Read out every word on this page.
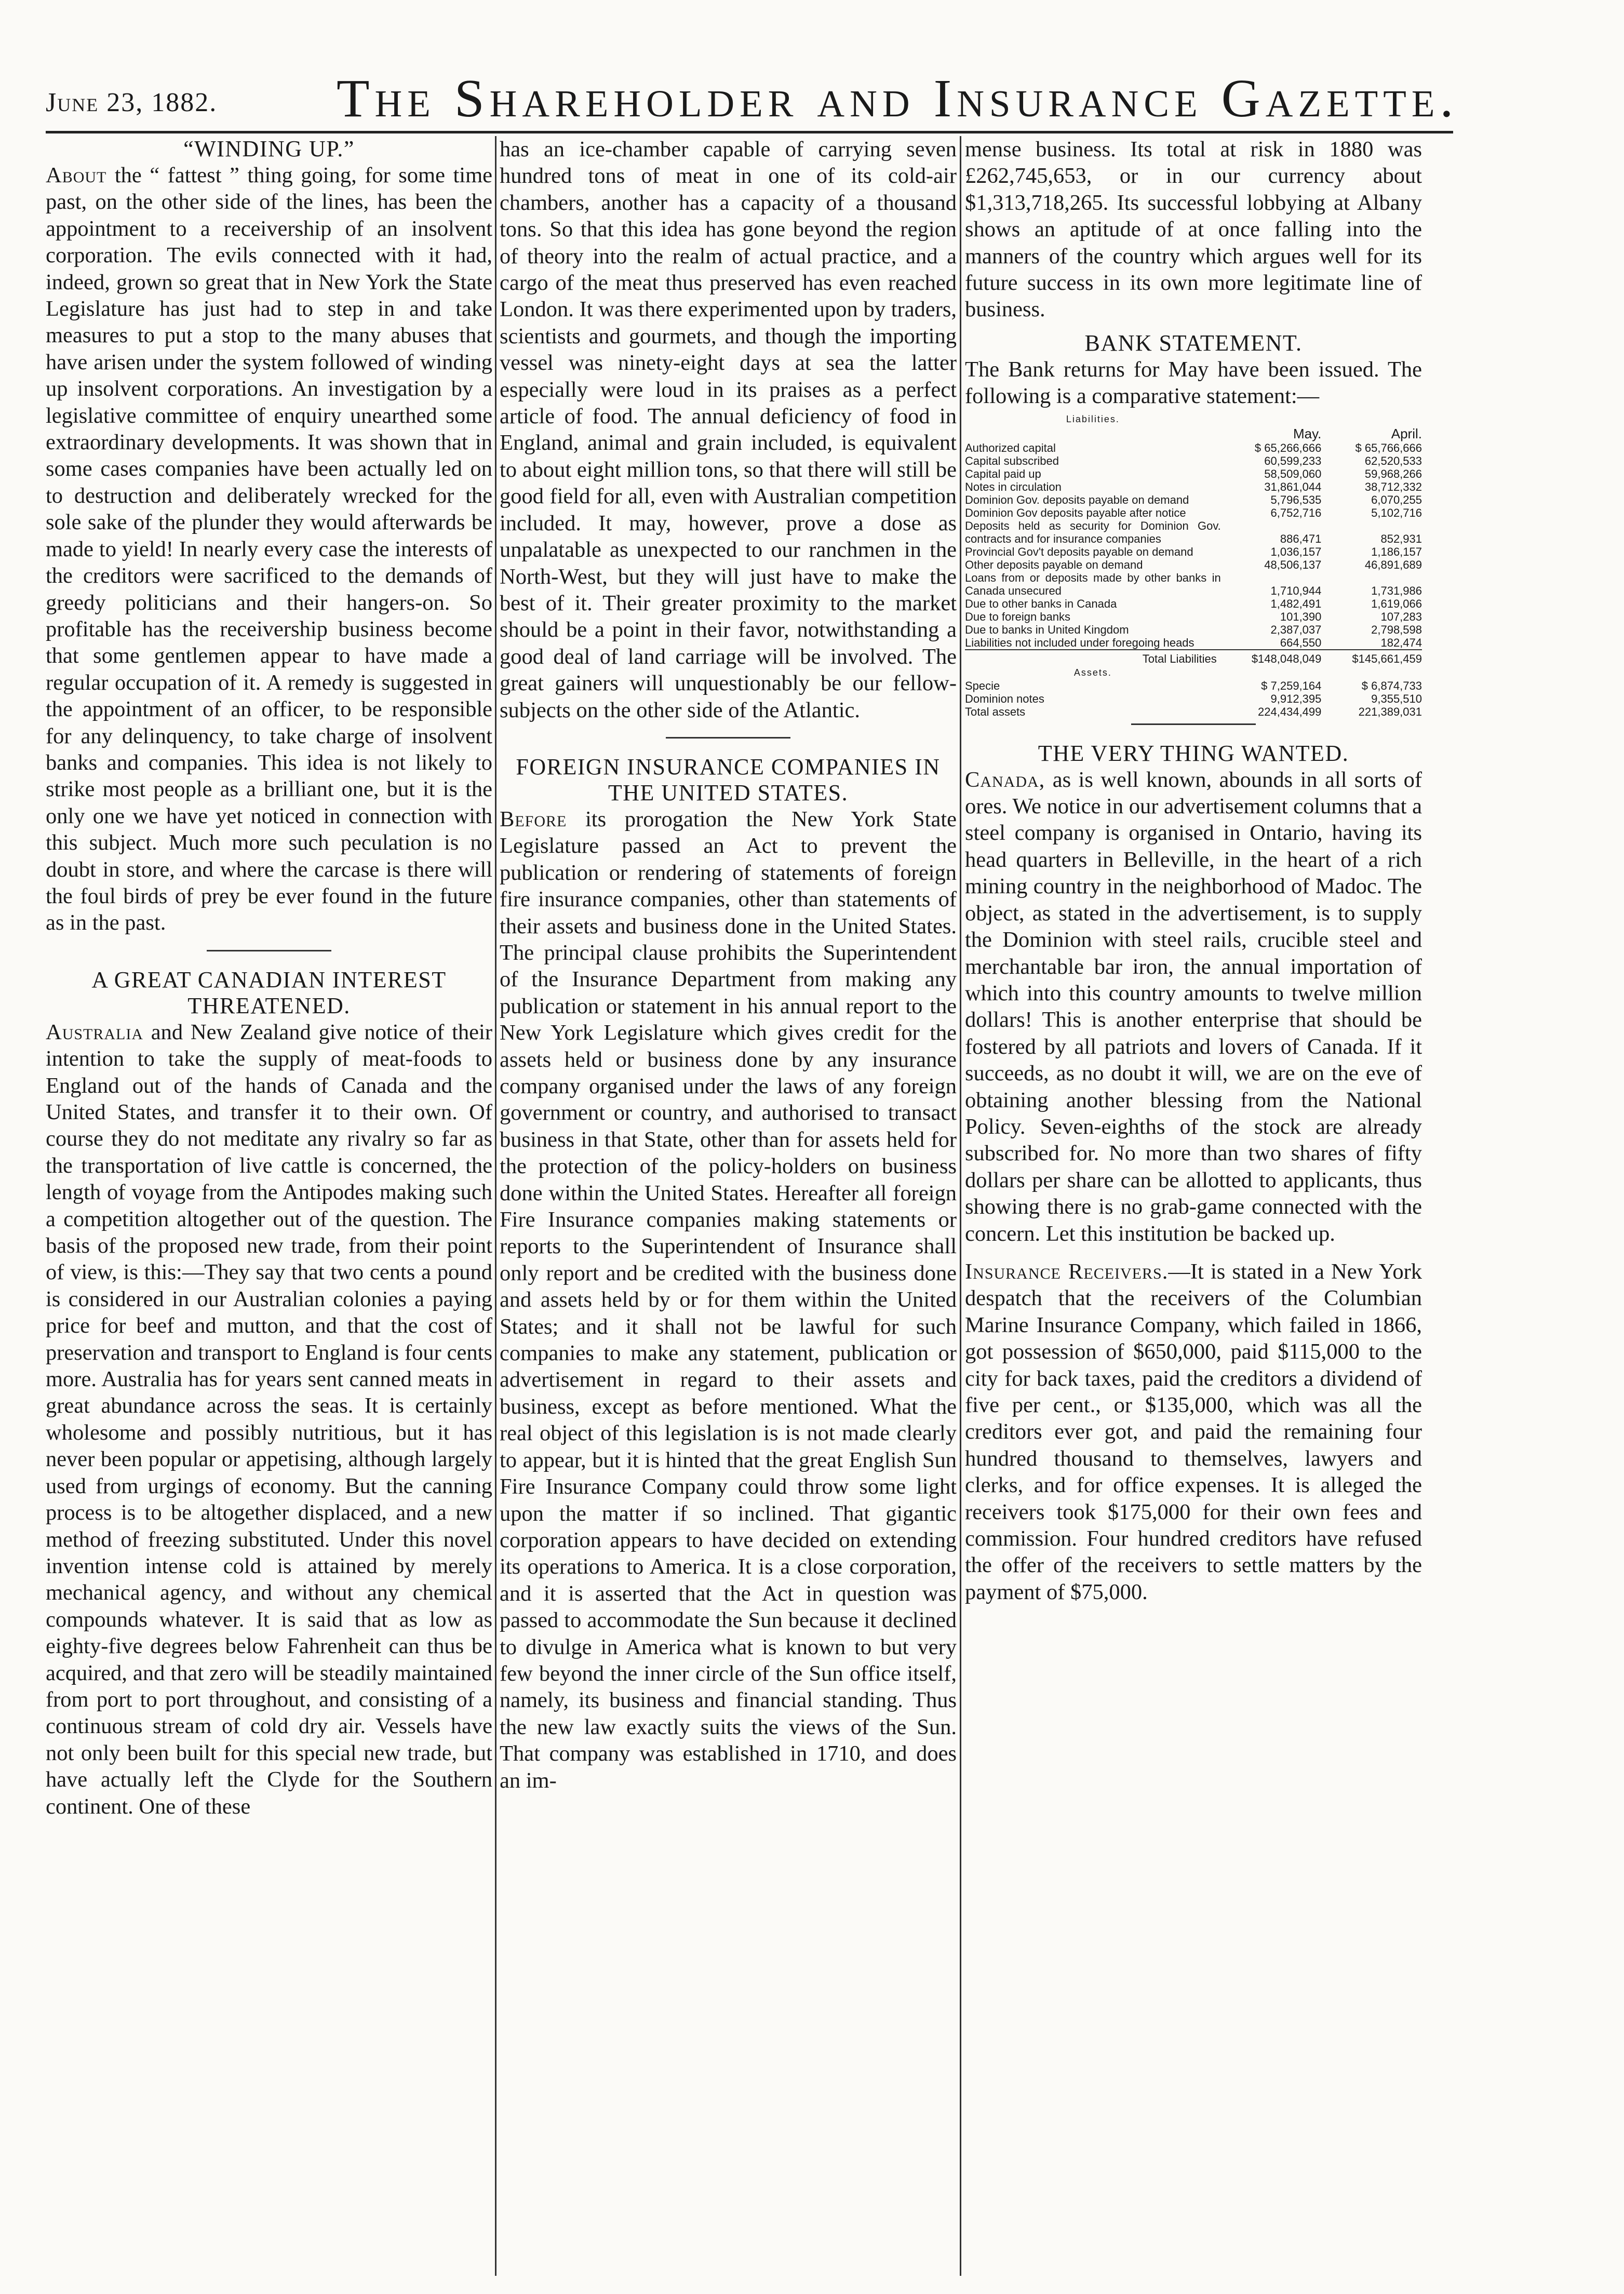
June 23, 1882. The Shareholder and Insurance Gazette.
“WINDING UP.”

About the “ fattest ” thing going, for some time past, on the other side of the lines, has been the appointment to a receivership of an insolvent corporation. The evils connected with it had, indeed, grown so great that in New York the State Legislature has just had to step in and take measures to put a stop to the many abuses that have arisen under the system followed of winding up insolvent corporations. An investigation by a legislative committee of enquiry unearthed some extraordinary developments. It was shown that in some cases companies have been actually led on to destruction and deliberately wrecked for the sole sake of the plunder they would afterwards be made to yield! In nearly every case the interests of the creditors were sacrificed to the demands of greedy politicians and their hangers-on. So profitable has the receivership business become that some gentlemen appear to have made a regular occupation of it. A remedy is suggested in the appointment of an officer, to be responsible for any delinquency, to take charge of insolvent banks and companies. This idea is not likely to strike most people as a brilliant one, but it is the only one we have yet noticed in connection with this subject. Much more such peculation is no doubt in store, and where the carcase is there will the foul birds of prey be ever found in the future as in the past.

A GREAT CANADIAN INTEREST THREATENED.

Australia and New Zealand give notice of their intention to take the supply of meat-foods to England out of the hands of Canada and the United States, and transfer it to their own. Of course they do not meditate any rivalry so far as the transportation of live cattle is concerned, the length of voyage from the Antipodes making such a competition altogether out of the question. The basis of the proposed new trade, from their point of view, is this:—They say that two cents a pound is considered in our Australian colonies a paying price for beef and mutton, and that the cost of preservation and transport to England is four cents more. Australia has for years sent canned meats in great abundance across the seas. It is certainly wholesome and possibly nutritious, but it has never been popular or appetising, although largely used from urgings of economy. But the canning process is to be altogether displaced, and a new method of freezing substituted. Under this novel invention intense cold is attained by merely mechanical agency, and without any chemical compounds whatever. It is said that as low as eighty-five degrees below Fahrenheit can thus be acquired, and that zero will be steadily maintained from port to port throughout, and consisting of a continuous stream of cold dry air. Vessels have not only been built for this special new trade, but have actually left the Clyde for the Southern continent. One of these

has an ice-chamber capable of carrying seven hundred tons of meat in one of its cold-air chambers, another has a capacity of a thousand tons. So that this idea has gone beyond the region of theory into the realm of actual practice, and a cargo of the meat thus preserved has even reached London. It was there experimented upon by traders, scientists and gourmets, and though the importing vessel was ninety-eight days at sea the latter especially were loud in its praises as a perfect article of food. The annual deficiency of food in England, animal and grain included, is equivalent to about eight million tons, so that there will still be good field for all, even with Australian competition included. It may, however, prove a dose as unpalatable as unexpected to our ranchmen in the North-West, but they will just have to make the best of it. Their greater proximity to the market should be a point in their favor, notwithstanding a good deal of land carriage will be involved. The great gainers will unquestionably be our fellow-subjects on the other side of the Atlantic.

FOREIGN INSURANCE COMPANIES IN THE UNITED STATES.

Before its prorogation the New York State Legislature passed an Act to prevent the publication or rendering of statements of foreign fire insurance companies, other than statements of their assets and business done in the United States. The principal clause prohibits the Superintendent of the Insurance Department from making any publication or statement in his annual report to the New York Legislature which gives credit for the assets held or business done by any insurance company organised under the laws of any foreign government or country, and authorised to transact business in that State, other than for assets held for the protection of the policy-holders on business done within the United States. Hereafter all foreign Fire Insurance companies making statements or reports to the Superintendent of Insurance shall only report and be credited with the business done and assets held by or for them within the United States; and it shall not be lawful for such companies to make any statement, publication or advertisement in regard to their assets and business, except as before mentioned. What the real object of this legislation is is not made clearly to appear, but it is hinted that the great English Sun Fire Insurance Company could throw some light upon the matter if so inclined. That gigantic corporation appears to have decided on extending its operations to America. It is a close corporation, and it is asserted that the Act in question was passed to accommodate the Sun because it declined to divulge in America what is known to but very few beyond the inner circle of the Sun office itself, namely, its business and financial standing. Thus the new law exactly suits the views of the Sun. That company was established in 1710, and does an im-

mense business. Its total at risk in 1880 was £262,745,653, or in our currency about $1,313,718,265. Its successful lobbying at Albany shows an aptitude of at once falling into the manners of the country which argues well for its future success in its own more legitimate line of business.

BANK STATEMENT.

The Bank returns for May have been issued. The following is a comparative statement:—

Liabilities.		
	May.	April.
Authorized capital	$ 65,266,666	$ 65,766,666
Capital subscribed	60,599,233	62,520,533
Capital paid up	58,509,060	59,968,266
Notes in circulation	31,861,044	38,712,332
Dominion Gov. deposits payable on demand	5,796,535	6,070,255
Dominion Gov deposits payable after notice	6,752,716	5,102,716
Deposits held as security for Dominion Gov. contracts and for insurance companies	886,471	852,931
Provincial Gov't deposits payable on demand	1,036,157	1,186,157
Other deposits payable on demand	48,506,137	46,891,689
Loans from or deposits made by other banks in Canada unsecured	1,710,944	1,731,986
Due to other banks in Canada	1,482,491	1,619,066
Due to foreign banks	101,390	107,283
Due to banks in United Kingdom	2,387,037	2,798,598
Liabilities not included under foregoing heads	664,550	182,474
Total Liabilities	$148,048,049	$145,661,459
Assets.		
Specie	$ 7,259,164	$ 6,874,733
Dominion notes	9,912,395	9,355,510
Total assets	224,434,499	221,389,031
THE VERY THING WANTED.

Canada, as is well known, abounds in all sorts of ores. We notice in our advertisement columns that a steel company is organised in Ontario, having its head quarters in Belleville, in the heart of a rich mining country in the neighborhood of Madoc. The object, as stated in the advertisement, is to supply the Dominion with steel rails, crucible steel and merchantable bar iron, the annual importation of which into this country amounts to twelve million dollars! This is another enterprise that should be fostered by all patriots and lovers of Canada. If it succeeds, as no doubt it will, we are on the eve of obtaining another blessing from the National Policy. Seven-eighths of the stock are already subscribed for. No more than two shares of fifty dollars per share can be allotted to applicants, thus showing there is no grab-game connected with the concern. Let this institution be backed up.

Insurance Receivers.—It is stated in a New York despatch that the receivers of the Columbian Marine Insurance Company, which failed in 1866, got possession of $650,000, paid $115,000 to the city for back taxes, paid the creditors a dividend of five per cent., or $135,000, which was all the creditors ever got, and paid the remaining four hundred thousand to themselves, lawyers and clerks, and for office expenses. It is alleged the receivers took $175,000 for their own fees and commission. Four hundred creditors have refused the offer of the receivers to settle matters by the payment of $75,000.
